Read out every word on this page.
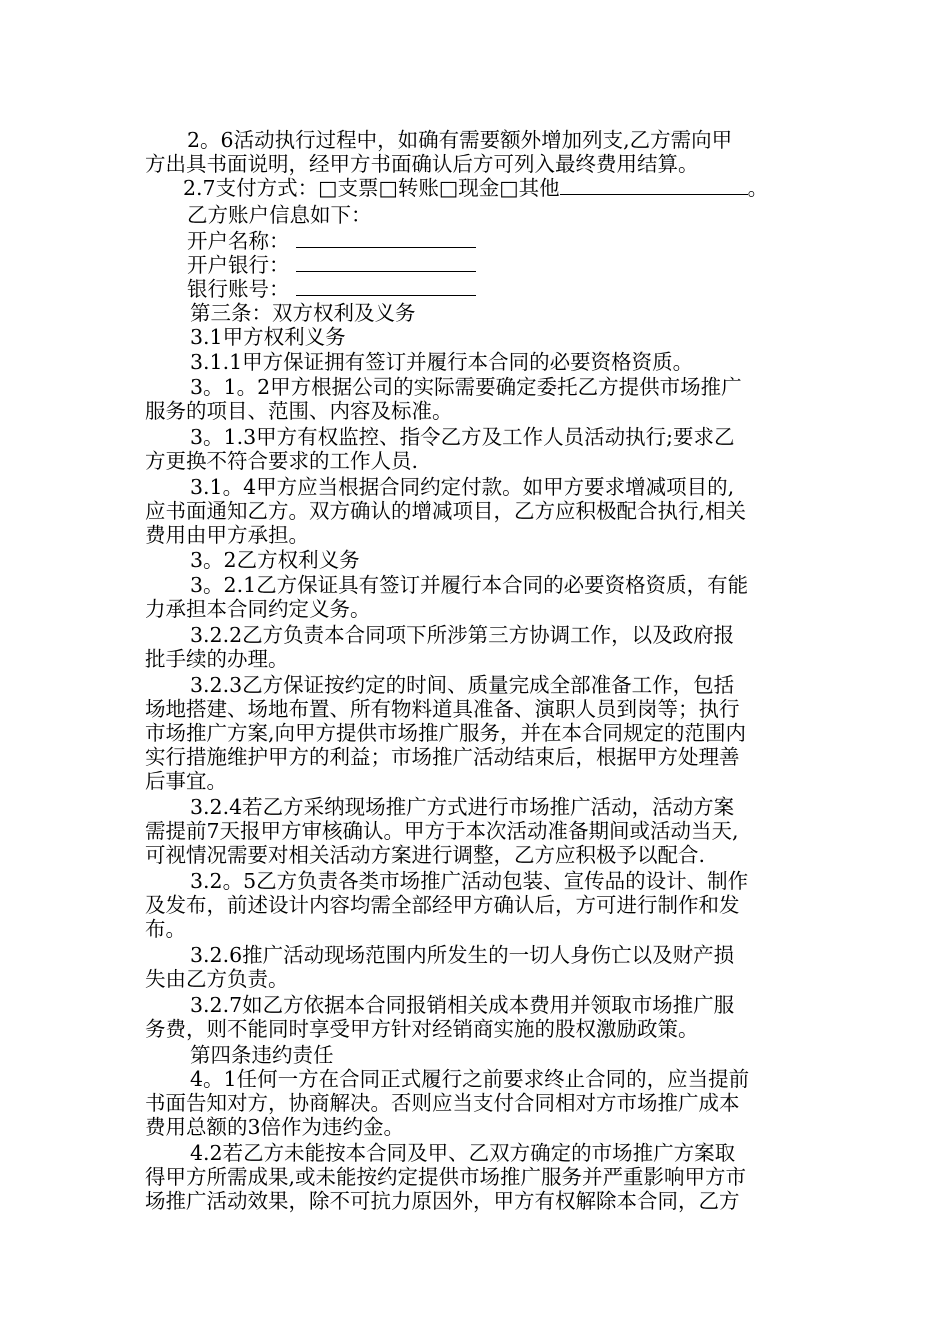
2。6活动执行过程中，如确有需要额外增加列支,乙方需向甲
方出具书面说明，经甲方书面确认后方可列入最终费用结算。
2.7支付方式：□支票□转账□现金□其他	。
乙方账户信息如下：
开户名称：
开户银行：
银行账号：
第三条：双方权利及义务
3.1甲方权利义务
3.1.1甲方保证拥有签订并履行本合同的必要资格资质。
3。1。2甲方根据公司的实际需要确定委托乙方提供市场推广
服务的项目、范围、内容及标准。
3。1.3甲方有权监控、指令乙方及工作人员活动执行;要求乙
方更换不符合要求的工作人员.
3.1。4甲方应当根据合同约定付款。如甲方要求增减项目的,
应书面通知乙方。双方确认的增减项目，乙方应积极配合执行,相关
费用由甲方承担。
3。2乙方权利义务
3。2.1乙方保证具有签订并履行本合同的必要资格资质，有能
力承担本合同约定义务。
3.2.2乙方负责本合同项下所涉第三方协调工作，以及政府报
批手续的办理。
3.2.3乙方保证按约定的时间、质量完成全部准备工作，包括
场地搭建、场地布置、所有物料道具准备、演职人员到岗等；执行
市场推广方案,向甲方提供市场推广服务，并在本合同规定的范围内
实行措施维护甲方的利益；市场推广活动结束后，根据甲方处理善
后事宜。
3.2.4若乙方采纳现场推广方式进行市场推广活动，活动方案
需提前7天报甲方审核确认。甲方于本次活动准备期间或活动当天,
可视情况需要对相关活动方案进行调整，乙方应积极予以配合.
3.2。5乙方负责各类市场推广活动包装、宣传品的设计、制作
及发布，前述设计内容均需全部经甲方确认后，方可进行制作和发
布。
3.2.6推广活动现场范围内所发生的一切人身伤亡以及财产损
失由乙方负责。
3.2.7如乙方依据本合同报销相关成本费用并领取市场推广服
务费，则不能同时享受甲方针对经销商实施的股权激励政策。
第四条违约责任
4。1任何一方在合同正式履行之前要求终止合同的，应当提前
书面告知对方，协商解决。否则应当支付合同相对方市场推广成本
费用总额的3倍作为违约金。
4.2若乙方未能按本合同及甲、乙双方确定的市场推广方案取
得甲方所需成果,或未能按约定提供市场推广服务并严重影响甲方市
场推广活动效果，除不可抗力原因外，甲方有权解除本合同，乙方
